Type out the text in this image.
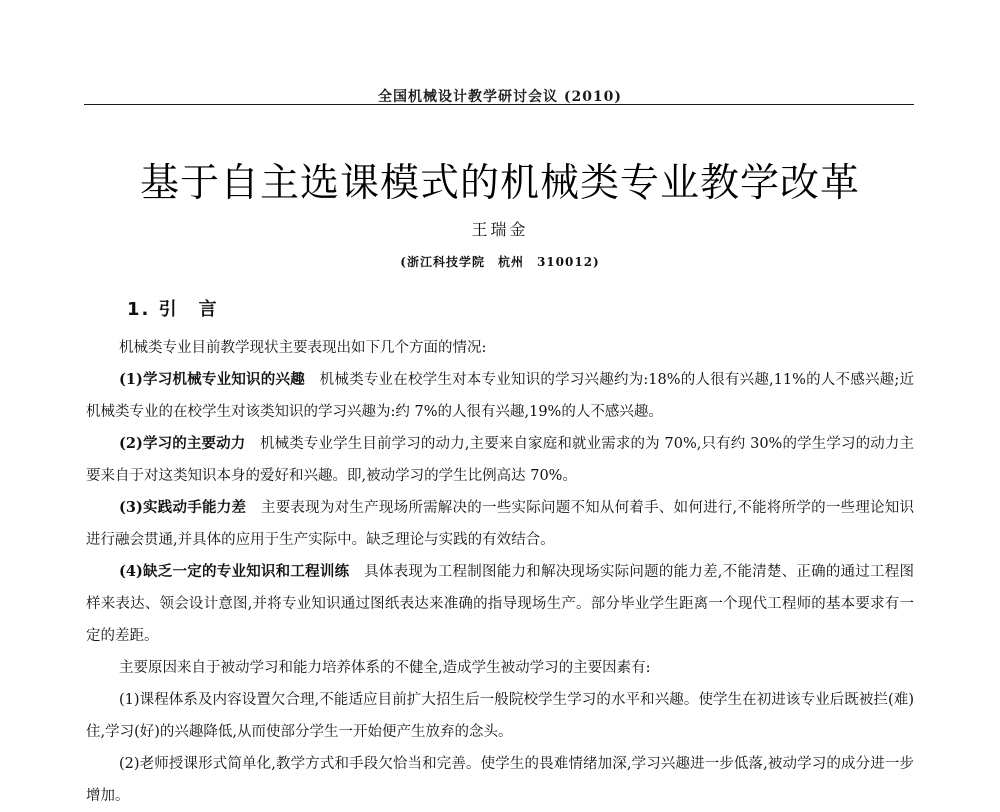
全国机械设计教学研讨会议 (2010)
基于自主选课模式的机械类专业教学改革
王瑞金
(浙江科技学院　杭州　310012)
1. 引　言

机械类专业目前教学现状主要表现出如下几个方面的情况:

(1)学习机械专业知识的兴趣　机械类专业在校学生对本专业知识的学习兴趣约为:18%的人很有兴趣,11%的人不感兴趣;近机械类专业的在校学生对该类知识的学习兴趣为:约 7%的人很有兴趣,19%的人不感兴趣。

(2)学习的主要动力　机械类专业学生目前学习的动力,主要来自家庭和就业需求的为 70%,只有约 30%的学生学习的动力主要来自于对这类知识本身的爱好和兴趣。即,被动学习的学生比例高达 70%。

(3)实践动手能力差　主要表现为对生产现场所需解决的一些实际问题不知从何着手、如何进行,不能将所学的一些理论知识进行融会贯通,并具体的应用于生产实际中。缺乏理论与实践的有效结合。

(4)缺乏一定的专业知识和工程训练　具体表现为工程制图能力和解决现场实际问题的能力差,不能清楚、正确的通过工程图样来表达、领会设计意图,并将专业知识通过图纸表达来准确的指导现场生产。部分毕业学生距离一个现代工程师的基本要求有一定的差距。

主要原因来自于被动学习和能力培养体系的不健全,造成学生被动学习的主要因素有:

(1)课程体系及内容设置欠合理,不能适应目前扩大招生后一般院校学生学习的水平和兴趣。使学生在初进该专业后既被拦(难)住,学习(好)的兴趣降低,从而使部分学生一开始便产生放弃的念头。

(2)老师授课形式简单化,教学方式和手段欠恰当和完善。使学生的畏难情绪加深,学习兴趣进一步低落,被动学习的成分进一步增加。
